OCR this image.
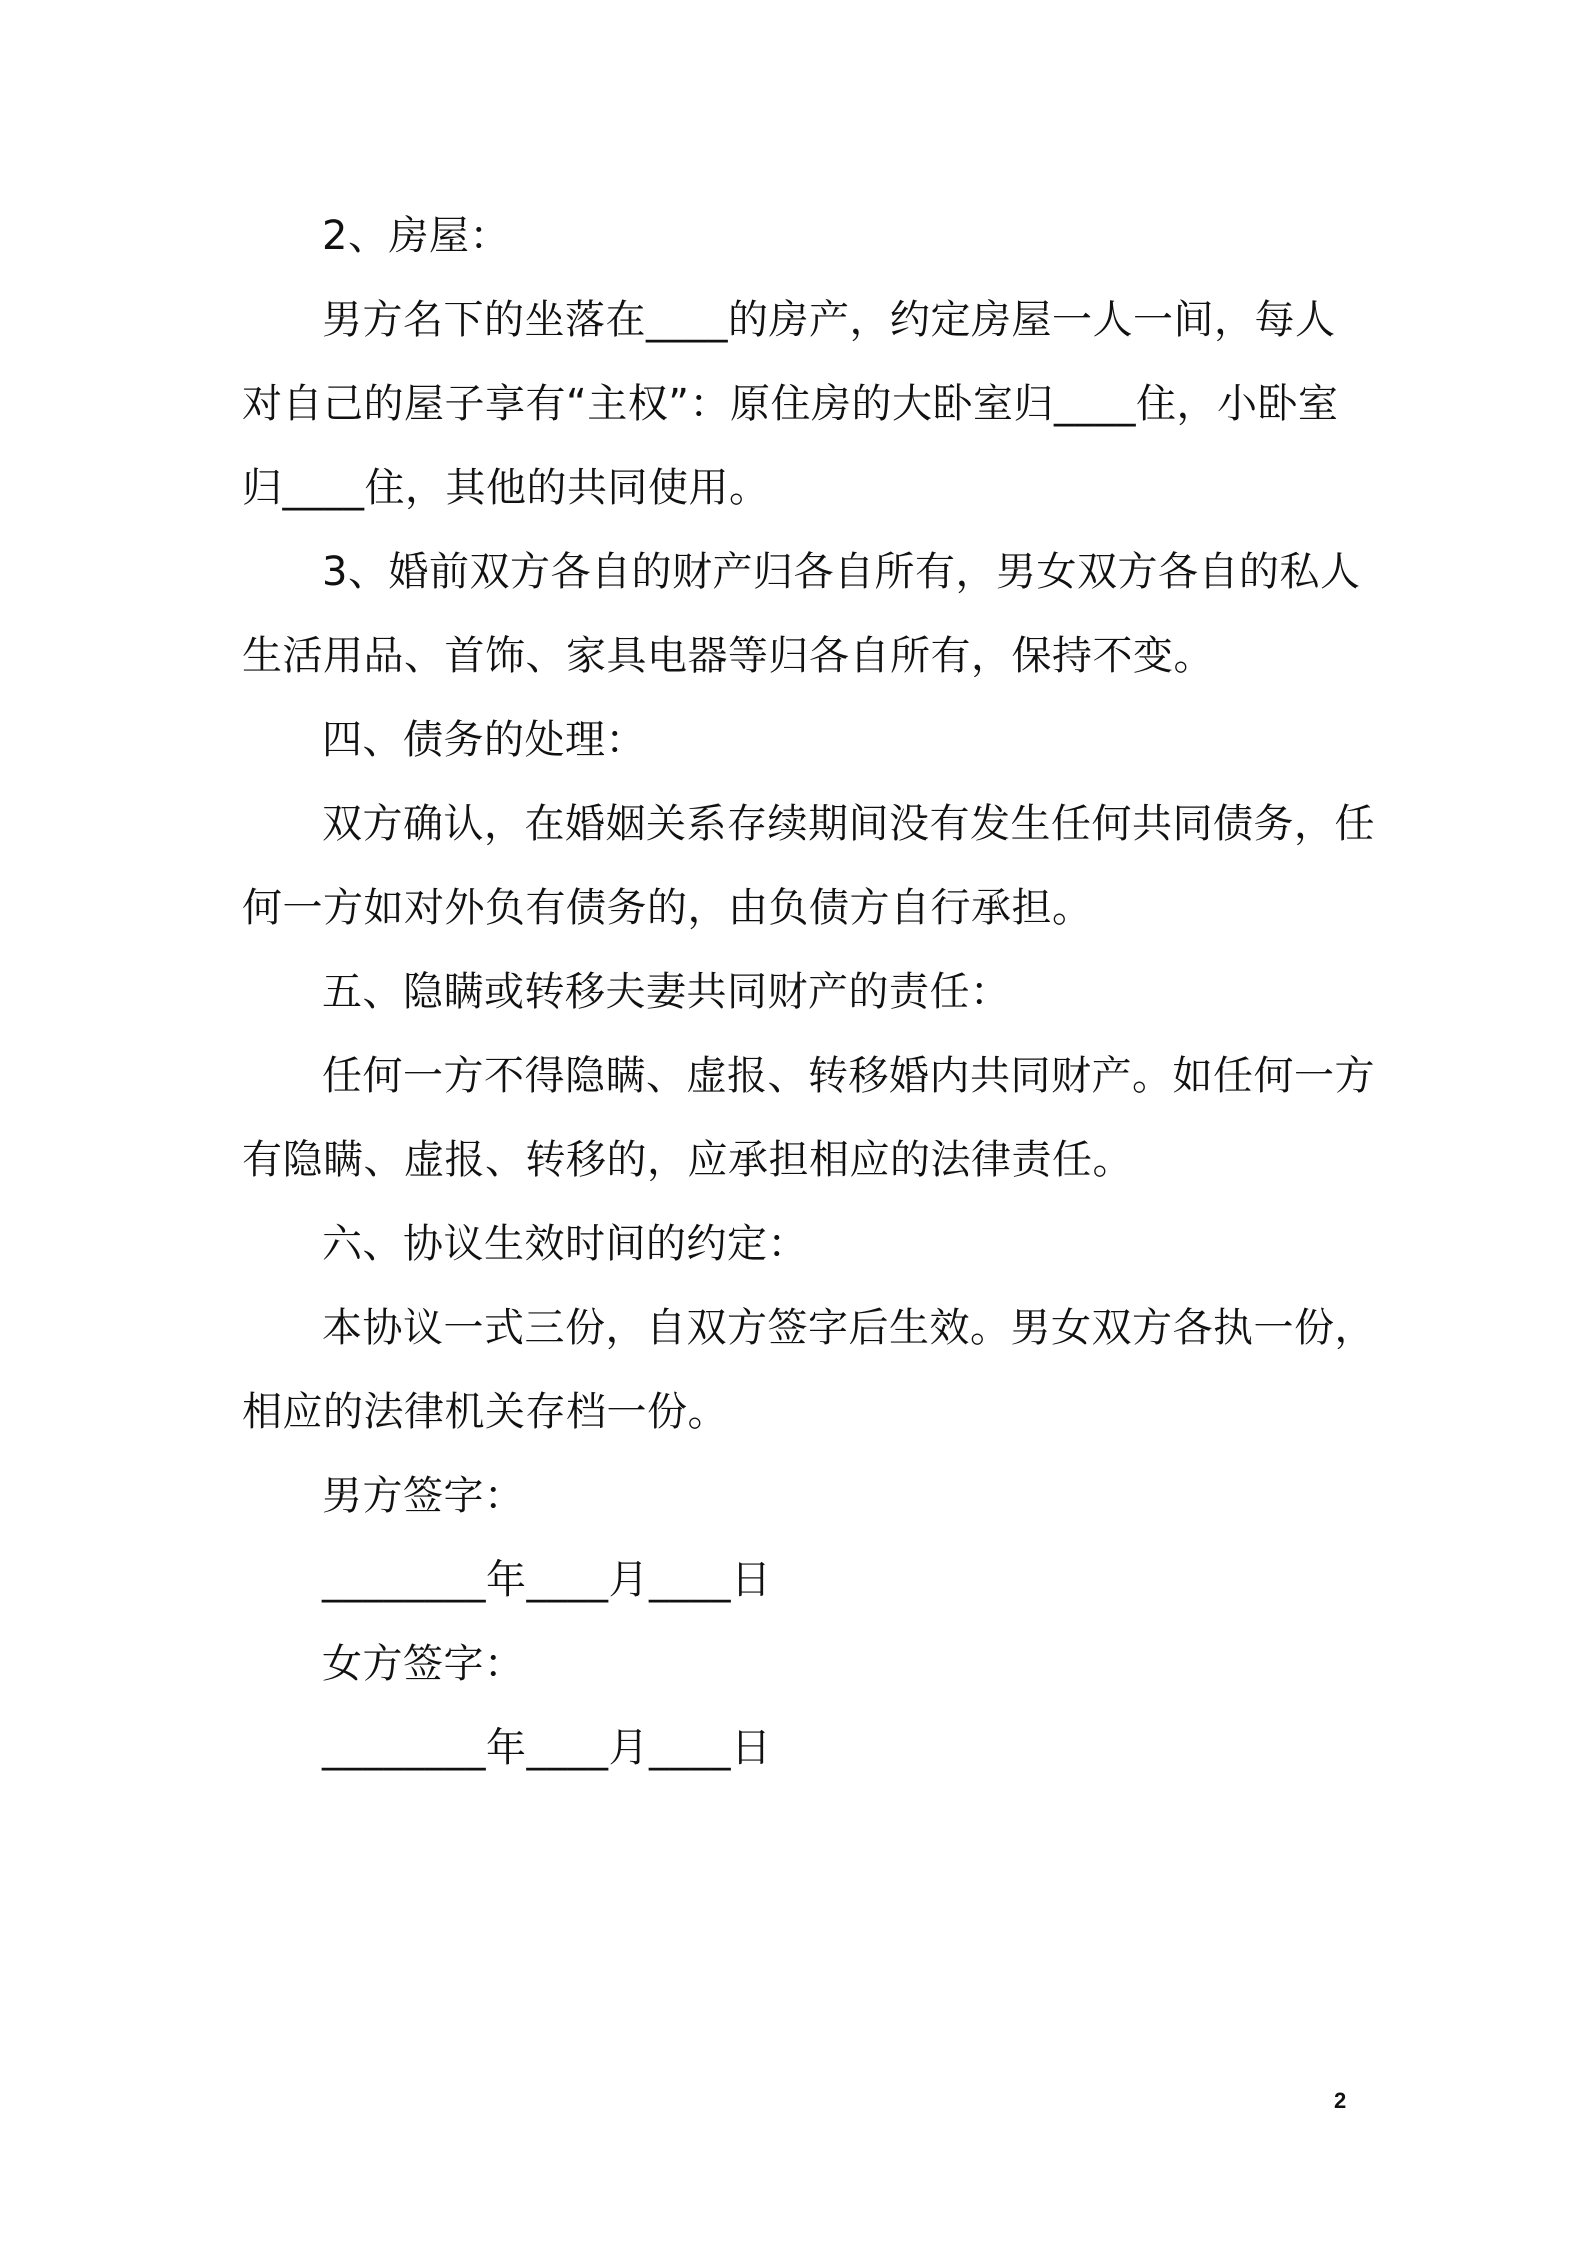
2、房屋：
男方名下的坐落在____的房产，约定房屋一人一间，每人
对自己的屋子享有“主权”：原住房的大卧室归____住，小卧室
归____住，其他的共同使用。
3、婚前双方各自的财产归各自所有，男女双方各自的私人
生活用品、首饰、家具电器等归各自所有，保持不变。
四、债务的处理：
双方确认，在婚姻关系存续期间没有发生任何共同债务，任
何一方如对外负有债务的，由负债方自行承担。
五、隐瞒或转移夫妻共同财产的责任：
任何一方不得隐瞒、虚报、转移婚内共同财产。如任何一方
有隐瞒、虚报、转移的，应承担相应的法律责任。
六、协议生效时间的约定：
本协议一式三份，自双方签字后生效。男女双方各执一份，
相应的法律机关存档一份。
男方签字：
________年____月____日
女方签字：
________年____月____日
2
